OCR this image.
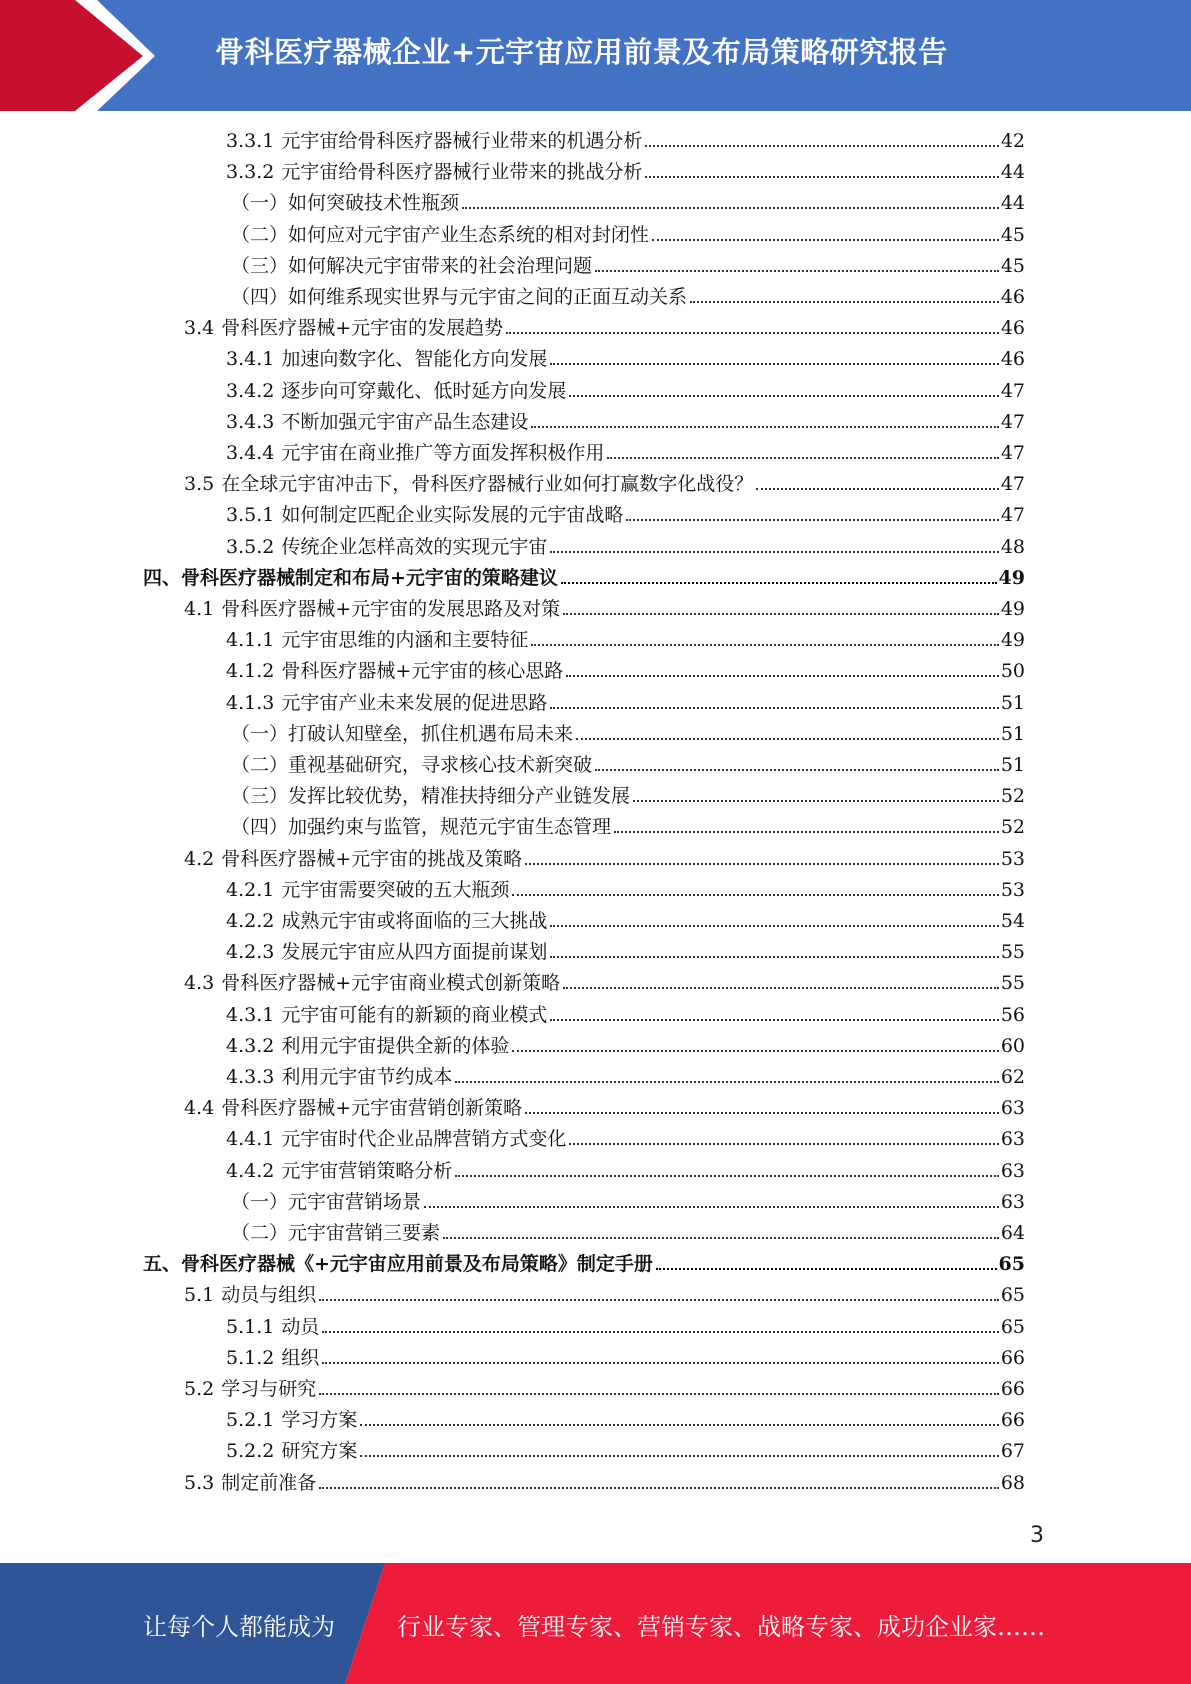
骨科医疗器械企业+元宇宙应用前景及布局策略研究报告
3.3.1 元宇宙给骨科医疗器械行业带来的机遇分析	42
3.3.2 元宇宙给骨科医疗器械行业带来的挑战分析	44
（一）如何突破技术性瓶颈	44
（二）如何应对元宇宙产业生态系统的相对封闭性	45
（三）如何解决元宇宙带来的社会治理问题	45
（四）如何维系现实世界与元宇宙之间的正面互动关系	46
3.4 骨科医疗器械+元宇宙的发展趋势	46
3.4.1 加速向数字化、智能化方向发展	46
3.4.2 逐步向可穿戴化、低时延方向发展	47
3.4.3 不断加强元宇宙产品生态建设	47
3.4.4 元宇宙在商业推广等方面发挥积极作用	47
3.5 在全球元宇宙冲击下，骨科医疗器械行业如何打赢数字化战役？	47
3.5.1 如何制定匹配企业实际发展的元宇宙战略	47
3.5.2 传统企业怎样高效的实现元宇宙	48
四、骨科医疗器械制定和布局+元宇宙的策略建议	49
4.1 骨科医疗器械+元宇宙的发展思路及对策	49
4.1.1 元宇宙思维的内涵和主要特征	49
4.1.2 骨科医疗器械+元宇宙的核心思路	50
4.1.3 元宇宙产业未来发展的促进思路	51
（一）打破认知壁垒，抓住机遇布局未来	51
（二）重视基础研究，寻求核心技术新突破	51
（三）发挥比较优势，精准扶持细分产业链发展	52
（四）加强约束与监管，规范元宇宙生态管理	52
4.2 骨科医疗器械+元宇宙的挑战及策略	53
4.2.1 元宇宙需要突破的五大瓶颈	53
4.2.2 成熟元宇宙或将面临的三大挑战	54
4.2.3 发展元宇宙应从四方面提前谋划	55
4.3 骨科医疗器械+元宇宙商业模式创新策略	55
4.3.1 元宇宙可能有的新颖的商业模式	56
4.3.2 利用元宇宙提供全新的体验	60
4.3.3 利用元宇宙节约成本	62
4.4 骨科医疗器械+元宇宙营销创新策略	63
4.4.1 元宇宙时代企业品牌营销方式变化	63
4.4.2 元宇宙营销策略分析	63
（一）元宇宙营销场景	63
（二）元宇宙营销三要素	64
五、骨科医疗器械《+元宇宙应用前景及布局策略》制定手册	65
5.1 动员与组织	65
5.1.1 动员	65
5.1.2 组织	66
5.2 学习与研究	66
5.2.1 学习方案	66
5.2.2 研究方案	67
5.3 制定前准备	68
3
让每个人都能成为	行业专家、管理专家、营销专家、战略专家、成功企业家……
